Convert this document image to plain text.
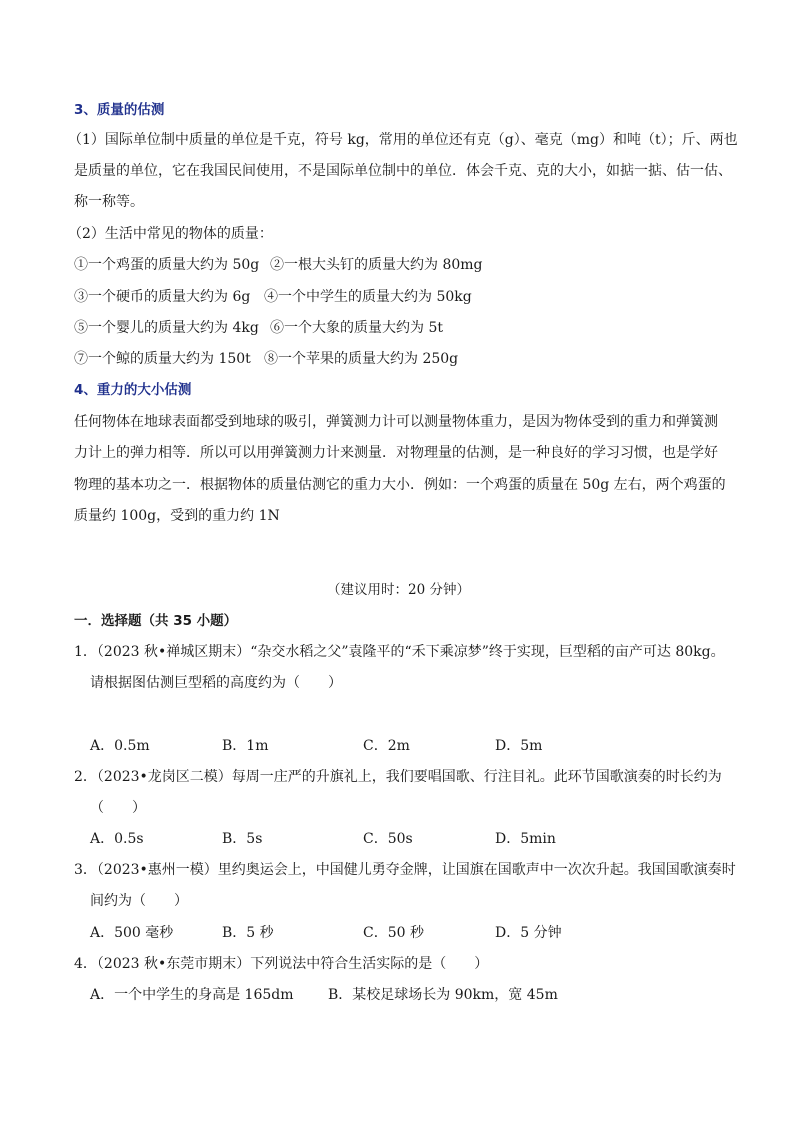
3、质量的估测
（1）国际单位制中质量的单位是千克，符号 kg，常用的单位还有克（g）、毫克（mg）和吨（t）；斤、两也
是质量的单位，它在我国民间使用，不是国际单位制中的单位．体会千克、克的大小，如掂一掂、估一估、
称一称等。
（2）生活中常见的物体的质量：
①一个鸡蛋的质量大约为 50g ②一根大头钉的质量大约为 80mg
③一个硬币的质量大约为 6g ④一个中学生的质量大约为 50kg
⑤一个婴儿的质量大约为 4kg ⑥一个大象的质量大约为 5t
⑦一个鲸的质量大约为 150t ⑧一个苹果的质量大约为 250g
4、重力的大小估测
任何物体在地球表面都受到地球的吸引，弹簧测力计可以测量物体重力，是因为物体受到的重力和弹簧测
力计上的弹力相等．所以可以用弹簧测力计来测量．对物理量的估测，是一种良好的学习习惯，也是学好
物理的基本功之一．根据物体的质量估测它的重力大小．例如：一个鸡蛋的质量在 50g 左右，两个鸡蛋的
质量约 100g，受到的重力约 1N
（建议用时：20 分钟）
一．选择题（共 35 小题）
1．（2023 秋•禅城区期末）“杂交水稻之父”袁隆平的“禾下乘凉梦”终于实现，巨型稻的亩产可达 80kg。
请根据图估测巨型稻的高度约为（　　）
A．0.5m	B．1m	C．2m	D．5m
2．（2023•龙岗区二模）每周一庄严的升旗礼上，我们要唱国歌、行注目礼。此环节国歌演奏的时长约为
（　　）
A．0.5s	B．5s	C．50s	D．5min
3．（2023•惠州一模）里约奥运会上，中国健儿勇夺金牌，让国旗在国歌声中一次次升起。我国国歌演奏时
间约为（　　）
A．500 毫秒	B．5 秒	C．50 秒	D．5 分钟
4．（2023 秋•东莞市期末）下列说法中符合生活实际的是（　　）
A．一个中学生的身高是 165dm B．某校足球场长为 90km，宽 45m
